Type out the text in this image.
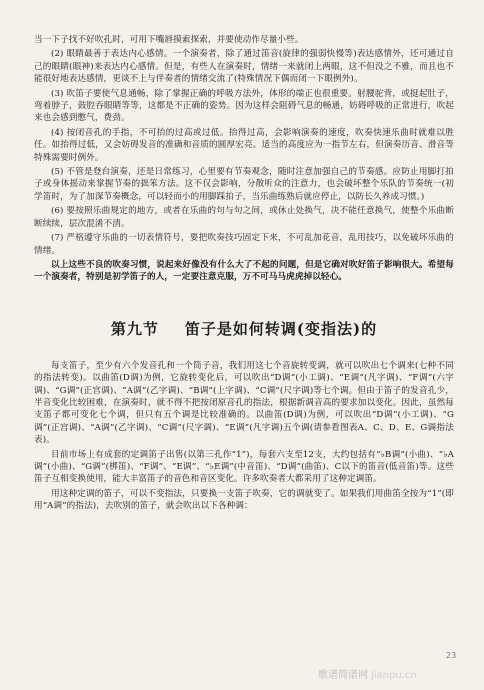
当一下子找不好吹孔时，可用下嘴唇摸索探索，并要使动作尽量小些。

(2) 眼睛最善于表达内心感情。一个演奏者，除了通过笛音(旋律的强弱快慢等)表达感情外，还可通过自己的眼睛(眼神)来表达内心感情。但是，有些人在演奏时，情绪一来就闭上两眼，这不但没之不雅，而且也不能很好地表达感情，更谈不上与伴奏者的情绪交流了(特殊情况下偶而闭一下眼例外)。

(3) 吹笛子要使气息通畅，除了掌握正确的呼吸方法外，体形的端正也很重要。射腰驼背，或挺起肚子，弯着脖子，鼓腔吞眼睛等等，这都是不正确的姿势。因为这样会阻碍气息的畅通，妨碍呼吸的正常进行，吹起来也会感到憋气，费劲。

(4) 按闭音孔的手指，不可抬的过高或过低。抬得过高，会影响演奏的速度，吹奏快速乐曲时就难以胜任。如抬得过低，又会妨碍发音的准确和音质的圆厚宏亮。适当的高度应为一指节左右，但演奏历音、滑音等特殊需要时例外。

(5) 不管是登台演奏，还是日常练习，心里要有节奏观念，随时注意加强自己的节奏感。应防止用脚打拍子或身体摇动来掌握节奏的拙笨方法。这不仅会影响，分散听众的注意力，也会破坏整个乐队的节奏统一(初学笛时，为了加深节奏概念，可以轻而小的用脚踩拍子，当乐曲练熟后就应停止，以防长久养成习惯。)

(6) 要按照乐曲规定的地方，或者在乐曲的句与句之间，或休止处换气，决不能任意换气，使整个乐曲断断续续，层次混淆不清。

(7) 严格遵守乐曲的一切表情符号，要把吹奏技巧固定下来，不可乱加花音，乱用技巧，以免破坏乐曲的情绪。

以上这些不良的吹奏习惯，说起来好像没有什么大了不起的问题，但是它确对吹好笛子影响很大。希望每一个演奏者，特别是初学笛子的人，一定要注意克服，万不可马马虎虎掉以轻心。

第九节 笛子是如何转调(变指法)的

每支笛子，至少有六个发音孔和一个筒子音，我们用这七个音旋转变调，就可以吹出七个调来(七种不同的指法转变)。以曲笛(D调)为例，它旋转变化后，可以吹出“D调”(小工调)、“E调”(凡字调)、“F调”(六字调)、“G调”(正宫调)、“A调”(乙字调)、“B调”(上字调)、“C调”(尺字调)等七个调。但由于笛子的发音孔少，半音变化比较困难，在演奏时，就不得不把按闭原音孔的指法，根据新调音高的要求加以变化。因此，虽然每支笛子都可变化七个调，但只有五个调是比较准确的。以曲笛(D调)为例，可以吹出“D调”(小工调)、“G调”(正宫调)、“A调”(乙字调)、“C调”(尺字调)、“E调”(凡字调)五个调(请参看图表A、C、D、E、G调指法表)。

目前市场上有成套的定调笛子出售(以第三孔作“1”)，每套六支至12支，大约包括有“♭B调”(小曲)、“♭A调”(小曲)、“G调”(梆笛)、“F调”、“E调”、“♭E调”(中音笛)、“D调”(曲笛)、C以下的笛音(低音笛)等。这些笛子互相变换使用，能大丰富笛子的音色和音区变化。许多吹奏者大都采用了这种定调笛。

用这种定调的笛子，可以不变指法，只要换一支笛子吹奏，它的调就变了。如果我们用曲笛全按为“1”(即用“A调”的指法)，去吹别的笛子，就会吹出以下各种调：

23
歌谱简谱网 jianpu.cn
